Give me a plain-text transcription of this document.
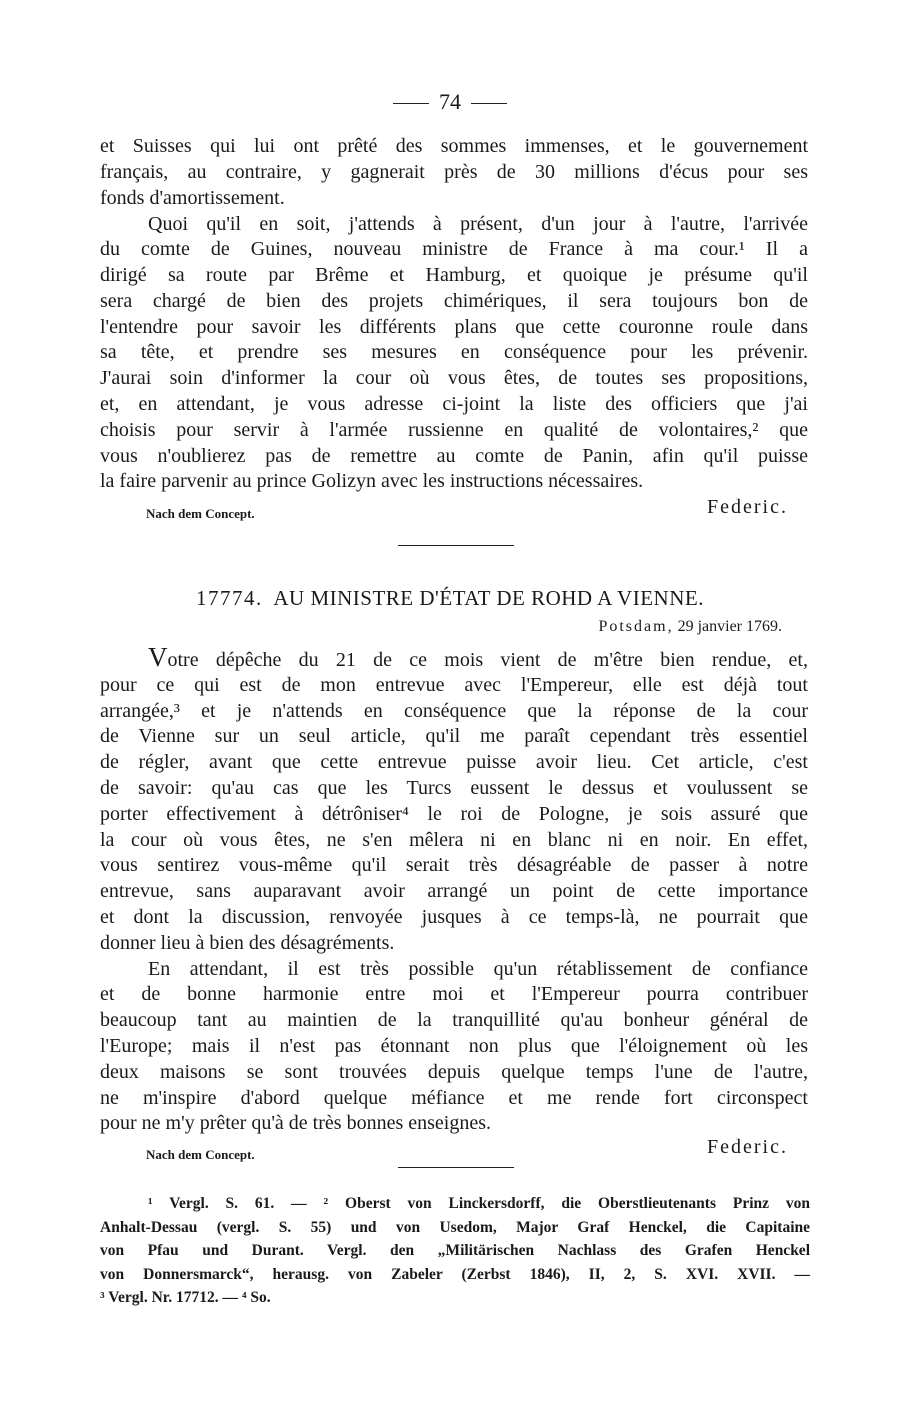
74
et Suisses qui lui ont prêté des sommes immenses, et le gouvernement
français, au contraire, y gagnerait près de 30 millions d'écus pour ses
fonds d'amortissement.
Quoi qu'il en soit, j'attends à présent, d'un jour à l'autre, l'arrivée
du comte de Guines, nouveau ministre de France à ma cour.¹ Il a
dirigé sa route par Brême et Hamburg, et quoique je présume qu'il
sera chargé de bien des projets chimériques, il sera toujours bon de
l'entendre pour savoir les différents plans que cette couronne roule dans
sa tête, et prendre ses mesures en conséquence pour les prévenir.
J'aurai soin d'informer la cour où vous êtes, de toutes ses propositions,
et, en attendant, je vous adresse ci-joint la liste des officiers que j'ai
choisis pour servir à l'armée russienne en qualité de volontaires,² que
vous n'oublierez pas de remettre au comte de Panin, afin qu'il puisse
la faire parvenir au prince Golizyn avec les instructions nécessaires.
Nach dem Concept.	Federic.
17774. AU MINISTRE D'ÉTAT DE ROHD A VIENNE.
Potsdam, 29 janvier 1769.
Votre dépêche du 21 de ce mois vient de m'être bien rendue, et,
pour ce qui est de mon entrevue avec l'Empereur, elle est déjà tout
arrangée,³ et je n'attends en conséquence que la réponse de la cour
de Vienne sur un seul article, qu'il me paraît cependant très essentiel
de régler, avant que cette entrevue puisse avoir lieu. Cet article, c'est
de savoir: qu'au cas que les Turcs eussent le dessus et voulussent se
porter effectivement à détrôniser⁴ le roi de Pologne, je sois assuré que
la cour où vous êtes, ne s'en mêlera ni en blanc ni en noir. En effet,
vous sentirez vous-même qu'il serait très désagréable de passer à notre
entrevue, sans auparavant avoir arrangé un point de cette importance
et dont la discussion, renvoyée jusques à ce temps-là, ne pourrait que
donner lieu à bien des désagréments.
En attendant, il est très possible qu'un rétablissement de confiance
et de bonne harmonie entre moi et l'Empereur pourra contribuer
beaucoup tant au maintien de la tranquillité qu'au bonheur général de
l'Europe; mais il n'est pas étonnant non plus que l'éloignement où les
deux maisons se sont trouvées depuis quelque temps l'une de l'autre,
ne m'inspire d'abord quelque méfiance et me rende fort circonspect
pour ne m'y prêter qu'à de très bonnes enseignes.
Nach dem Concept.	Federic.
¹ Vergl. S. 61. — ² Oberst von Linckersdorff, die Oberstlieutenants Prinz von
Anhalt-Dessau (vergl. S. 55) und von Usedom, Major Graf Henckel, die Capitaine
von Pfau und Durant. Vergl. den „Militärischen Nachlass des Grafen Henckel
von Donnersmarck“, herausg. von Zabeler (Zerbst 1846), II, 2, S. XVI. XVII. —
³ Vergl. Nr. 17712. — ⁴ So.
